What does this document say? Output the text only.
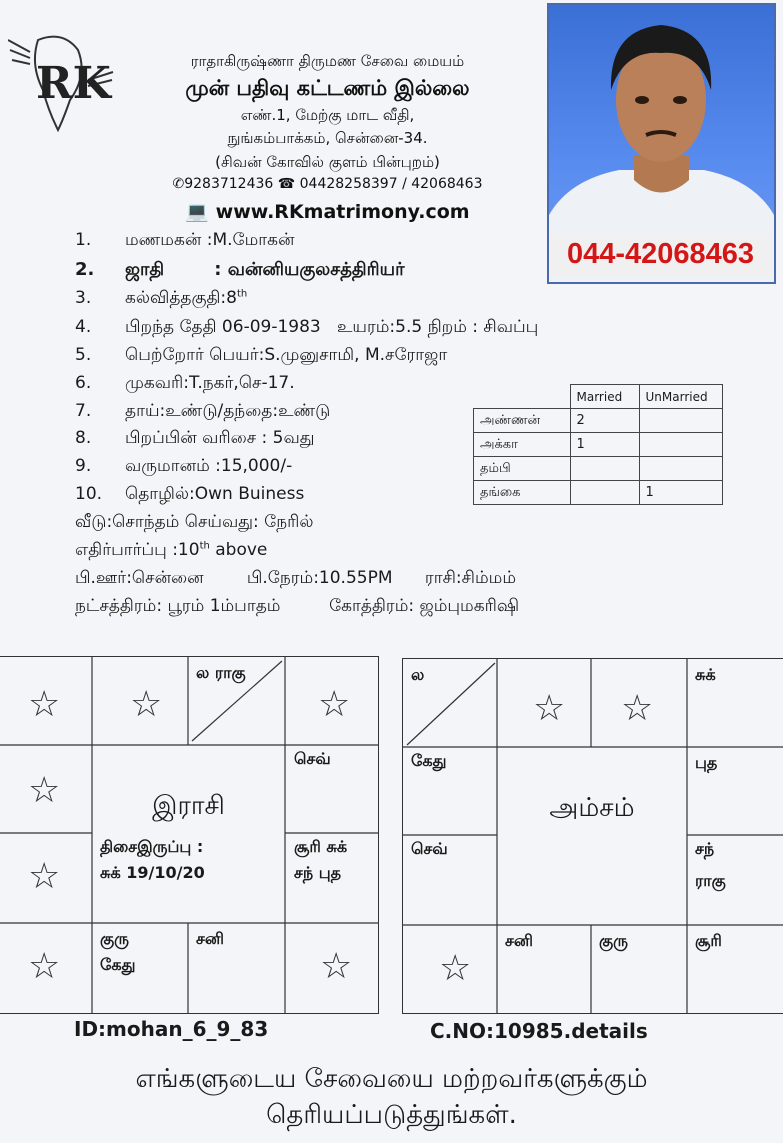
RK	ராதாகிருஷ்ணா திருமண சேவை மையம்
முன் பதிவு கட்டணம் இல்லை
எண்.1, மேற்கு மாட வீதி,
நுங்கம்பாக்கம், சென்னை-34.
(சிவன் கோவில் குளம் பின்புறம்)
✆9283712436 ☎ 04428258397 / 42068463
💻 www.RKmatrimony.com
044-42068463
1. மணமகன் :M.மோகன்
2. ஜாதி        : வன்னியகுலசத்திரியர்
3. கல்வித்தகுதி:8th
4. பிறந்த தேதி 06-09-1983   உயரம்:5.5 நிறம் : சிவப்பு
5. பெற்றோர் பெயர்:S.முனுசாமி, M.சரோஜா
6. முகவரி:T.நகர்,செ-17.
7. தாய்:உண்டு/தந்தை:உண்டு
8. பிறப்பின் வரிசை : 5வது
9. வருமானம் :15,000/-
10. தொழில்:Own Buiness
வீடு:சொந்தம் செய்வது: நேரில்
எதிர்பார்ப்பு :10th above
பி.ஊர்:சென்னை        பி.நேரம்:10.55PM      ராசி:சிம்மம்
நட்சத்திரம்: பூரம் 1ம்பாதம்         கோத்திரம்: ஜம்புமகரிஷி
	Married	UnMarried
அண்ணன்	2	
அக்கா	1	
தம்பி		
தங்கை		1
☆ ☆	☆
☆
☆
☆	☆
ல ராகு
செவ்
சூரி சுக்
சந் புத
குரு
கேது
சனி
இராசி
திசைஇருப்பு :
சுக் 19/10/20
☆ ☆
☆
ல	சுக்
கேது
செவ்
புத
சந்
ராகு
சனி	குரு	சூரி
அம்சம்
ID:mohan_6_9_83	C.NO:10985.details
எங்களுடைய சேவையை மற்றவர்களுக்கும்
தெரியப்படுத்துங்கள்.
